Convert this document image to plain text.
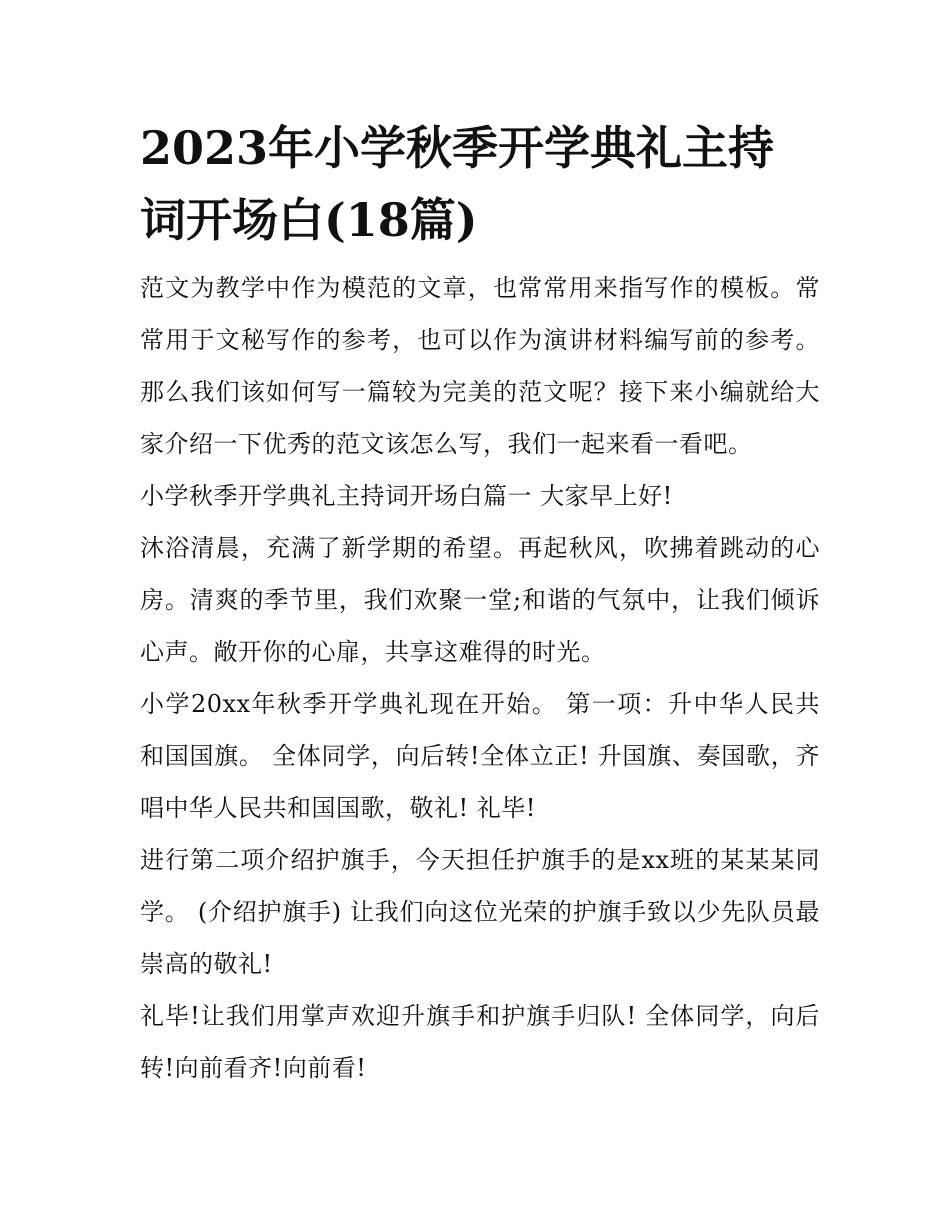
2023年小学秋季开学典礼主持词开场白(18篇)

范文为教学中作为模范的文章，也常常用来指写作的模板。常常用于文秘写作的参考，也可以作为演讲材料编写前的参考。那么我们该如何写一篇较为完美的范文呢？接下来小编就给大家介绍一下优秀的范文该怎么写，我们一起来看一看吧。

小学秋季开学典礼主持词开场白篇一 大家早上好!

沐浴清晨，充满了新学期的希望。再起秋风，吹拂着跳动的心房。清爽的季节里，我们欢聚一堂;和谐的气氛中，让我们倾诉心声。敞开你的心扉，共享这难得的时光。

小学20xx年秋季开学典礼现在开始。 第一项：升中华人民共和国国旗。 全体同学，向后转!全体立正! 升国旗、奏国歌，齐唱中华人民共和国国歌，敬礼! 礼毕!

进行第二项介绍护旗手，今天担任护旗手的是xx班的某某某同学。 (介绍护旗手) 让我们向这位光荣的护旗手致以少先队员最崇高的敬礼!

礼毕!让我们用掌声欢迎升旗手和护旗手归队! 全体同学，向后转!向前看齐!向前看!
